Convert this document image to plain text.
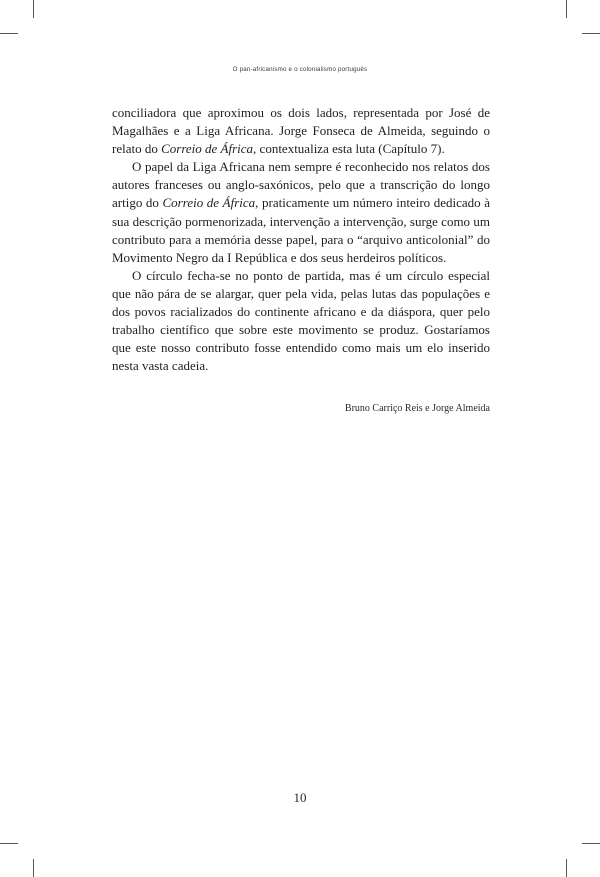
O pan-africanismo e o colonialismo português

conciliadora que aproximou os dois lados, representada por José de Magalhães e a Liga Africana. Jorge Fonseca de Almeida, seguindo o relato do Correio de África, contextualiza esta luta (Capítulo 7).

O papel da Liga Africana nem sempre é reconhecido nos relatos dos autores franceses ou anglo-saxónicos, pelo que a transcrição do longo artigo do Correio de África, praticamente um número inteiro dedicado à sua descrição pormenorizada, intervenção a intervenção, surge como um contributo para a memória desse papel, para o “arquivo anticolonial” do Movimento Negro da I República e dos seus herdeiros políticos.

O círculo fecha-se no ponto de partida, mas é um círculo especial que não pára de se alargar, quer pela vida, pelas lutas das populações e dos povos racializados do continente africano e da diáspora, quer pelo trabalho científico que sobre este movimento se produz. Gostaríamos que este nosso contributo fosse entendido como mais um elo inserido nesta vasta cadeia.

Bruno Carriço Reis e Jorge Almeida
10
